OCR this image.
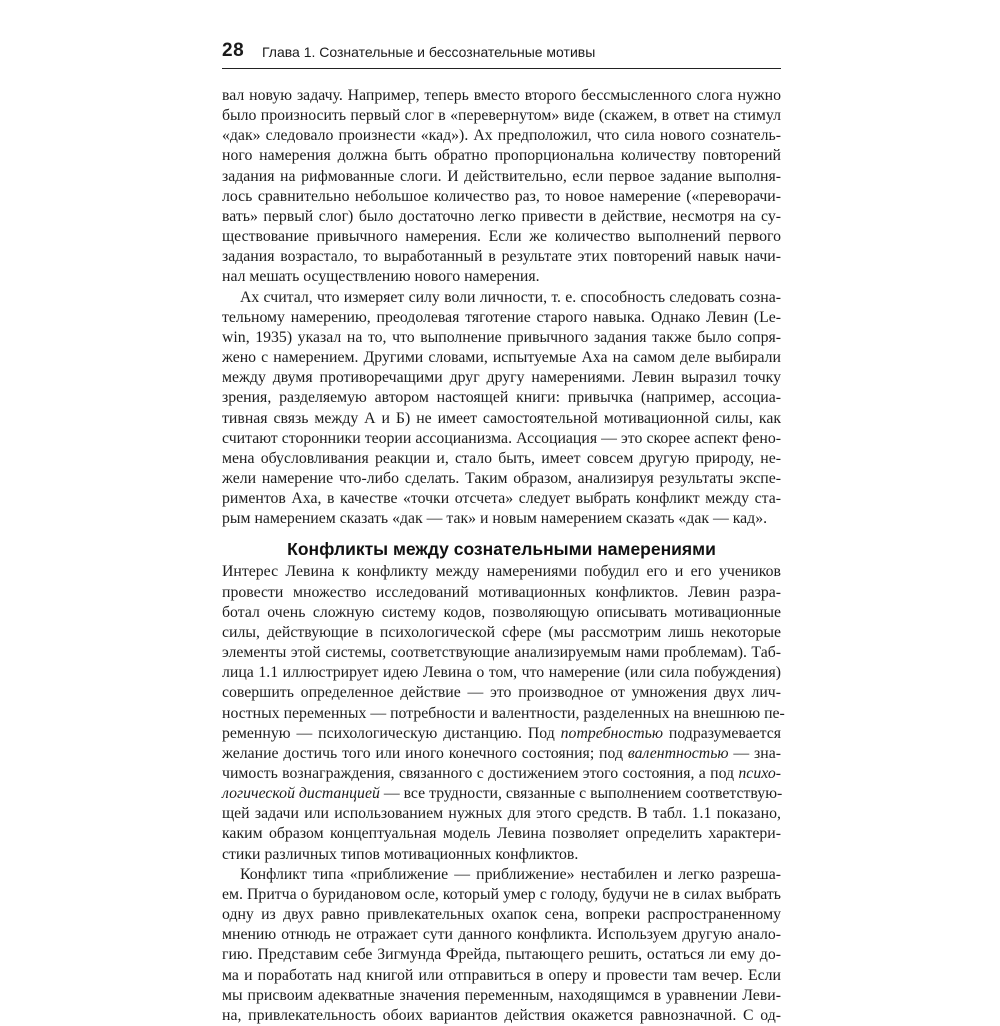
28 Глава 1. Сознательные и бессознательные мотивы
вал новую задачу. Например, теперь вместо второго бессмысленного слога нужно
было произносить первый слог в «перевернутом» виде (скажем, в ответ на стимул
«дак» следовало произнести «кад»). Ах предположил, что сила нового сознатель-
ного намерения должна быть обратно пропорциональна количеству повторений
задания на рифмованные слоги. И действительно, если первое задание выполня-
лось сравнительно небольшое количество раз, то новое намерение («переворачи-
вать» первый слог) было достаточно легко привести в действие, несмотря на су-
ществование привычного намерения. Если же количество выполнений первого
задания возрастало, то выработанный в результате этих повторений навык начи-
нал мешать осуществлению нового намерения.
Ах считал, что измеряет силу воли личности, т. е. способность следовать созна-
тельному намерению, преодолевая тяготение старого навыка. Однако Левин (Le-
win, 1935) указал на то, что выполнение привычного задания также было сопря-
жено с намерением. Другими словами, испытуемые Аха на самом деле выбирали
между двумя противоречащими друг другу намерениями. Левин выразил точку
зрения, разделяемую автором настоящей книги: привычка (например, ассоциа-
тивная связь между А и Б) не имеет самостоятельной мотивационной силы, как
считают сторонники теории ассоцианизма. Ассоциация — это скорее аспект фено-
мена обусловливания реакции и, стало быть, имеет совсем другую природу, не-
жели намерение что-либо сделать. Таким образом, анализируя результаты экспе-
риментов Аха, в качестве «точки отсчета» следует выбрать конфликт между ста-
рым намерением сказать «дак — так» и новым намерением сказать «дак — кад».
Конфликты между сознательными намерениями
Интерес Левина к конфликту между намерениями побудил его и его учеников
провести множество исследований мотивационных конфликтов. Левин разра-
ботал очень сложную систему кодов, позволяющую описывать мотивационные
силы, действующие в психологической сфере (мы рассмотрим лишь некоторые
элементы этой системы, соответствующие анализируемым нами проблемам). Таб-
лица 1.1 иллюстрирует идею Левина о том, что намерение (или сила побуждения)
совершить определенное действие — это производное от умножения двух лич-
ностных переменных — потребности и валентности, разделенных на внешнюю пе-
ременную — психологическую дистанцию. Под потребностью подразумевается
желание достичь того или иного конечного состояния; под валентностью — зна-
чимость вознаграждения, связанного с достижением этого состояния, а под психо-
логической дистанцией — все трудности, связанные с выполнением соответствую-
щей задачи или использованием нужных для этого средств. В табл. 1.1 показано,
каким образом концептуальная модель Левина позволяет определить характери-
стики различных типов мотивационных конфликтов.
Конфликт типа «приближение — приближение» нестабилен и легко разреша-
ем. Притча о буридановом осле, который умер с голоду, будучи не в силах выбрать
одну из двух равно привлекательных охапок сена, вопреки распространенному
мнению отнюдь не отражает сути данного конфликта. Используем другую анало-
гию. Представим себе Зигмунда Фрейда, пытающего решить, остаться ли ему до-
ма и поработать над книгой или отправиться в оперу и провести там вечер. Если
мы присвоим адекватные значения переменным, находящимся в уравнении Леви-
на, привлекательность обоих вариантов действия окажется равнозначной. С од-
